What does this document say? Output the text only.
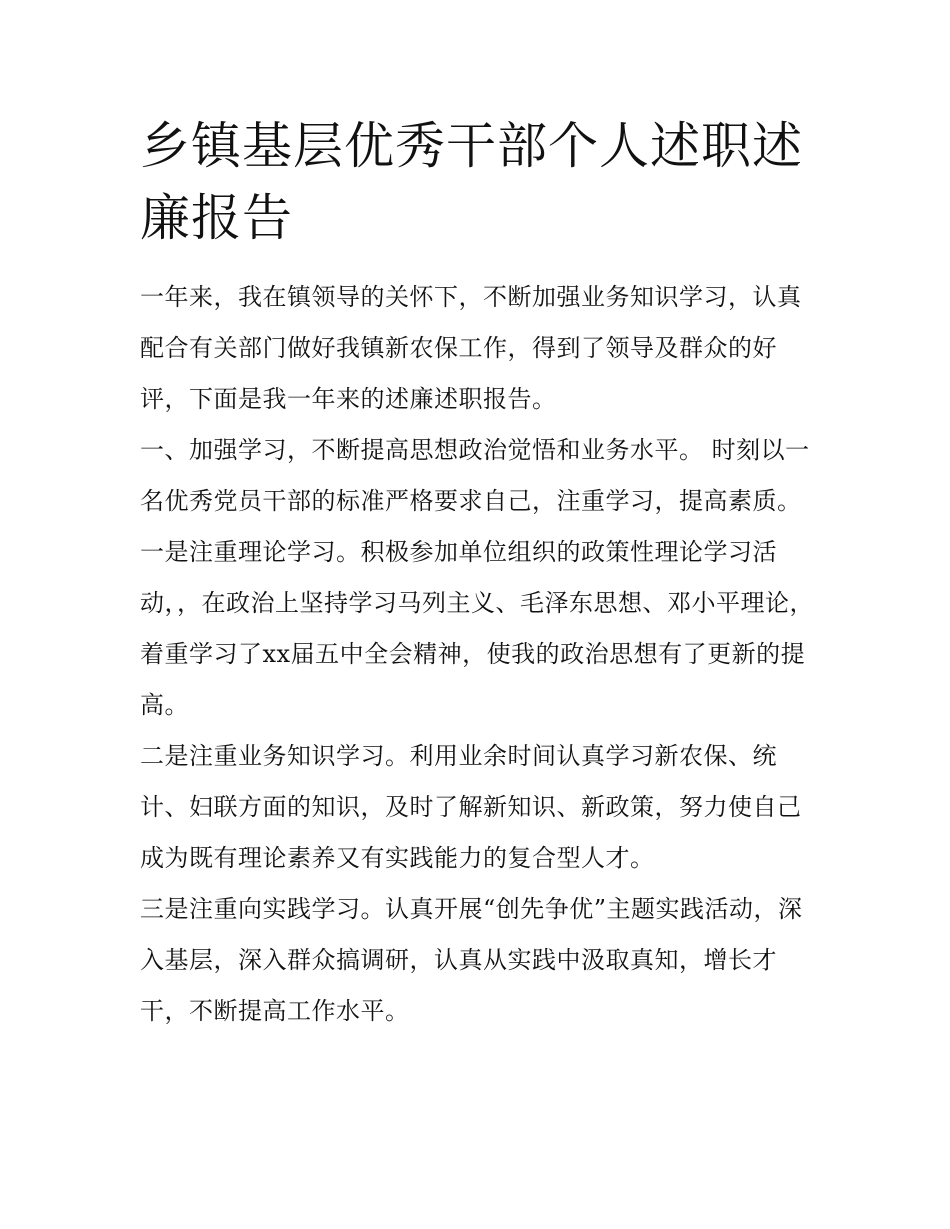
乡镇基层优秀干部个人述职述廉报告

一年来，我在镇领导的关怀下，不断加强业务知识学习，认真配合有关部门做好我镇新农保工作，得到了领导及群众的好评，下面是我一年来的述廉述职报告。

一、加强学习，不断提高思想政治觉悟和业务水平。 时刻以一名优秀党员干部的标准严格要求自己，注重学习，提高素质。

一是注重理论学习。积极参加单位组织的政策性理论学习活动，，在政治上坚持学习马列主义、毛泽东思想、邓小平理论，着重学习了xx届五中全会精神，使我的政治思想有了更新的提高。

二是注重业务知识学习。利用业余时间认真学习新农保、统计、妇联方面的知识，及时了解新知识、新政策，努力使自己成为既有理论素养又有实践能力的复合型人才。

三是注重向实践学习。认真开展“创先争优”主题实践活动，深入基层，深入群众搞调研，认真从实践中汲取真知，增长才干，不断提高工作水平。
